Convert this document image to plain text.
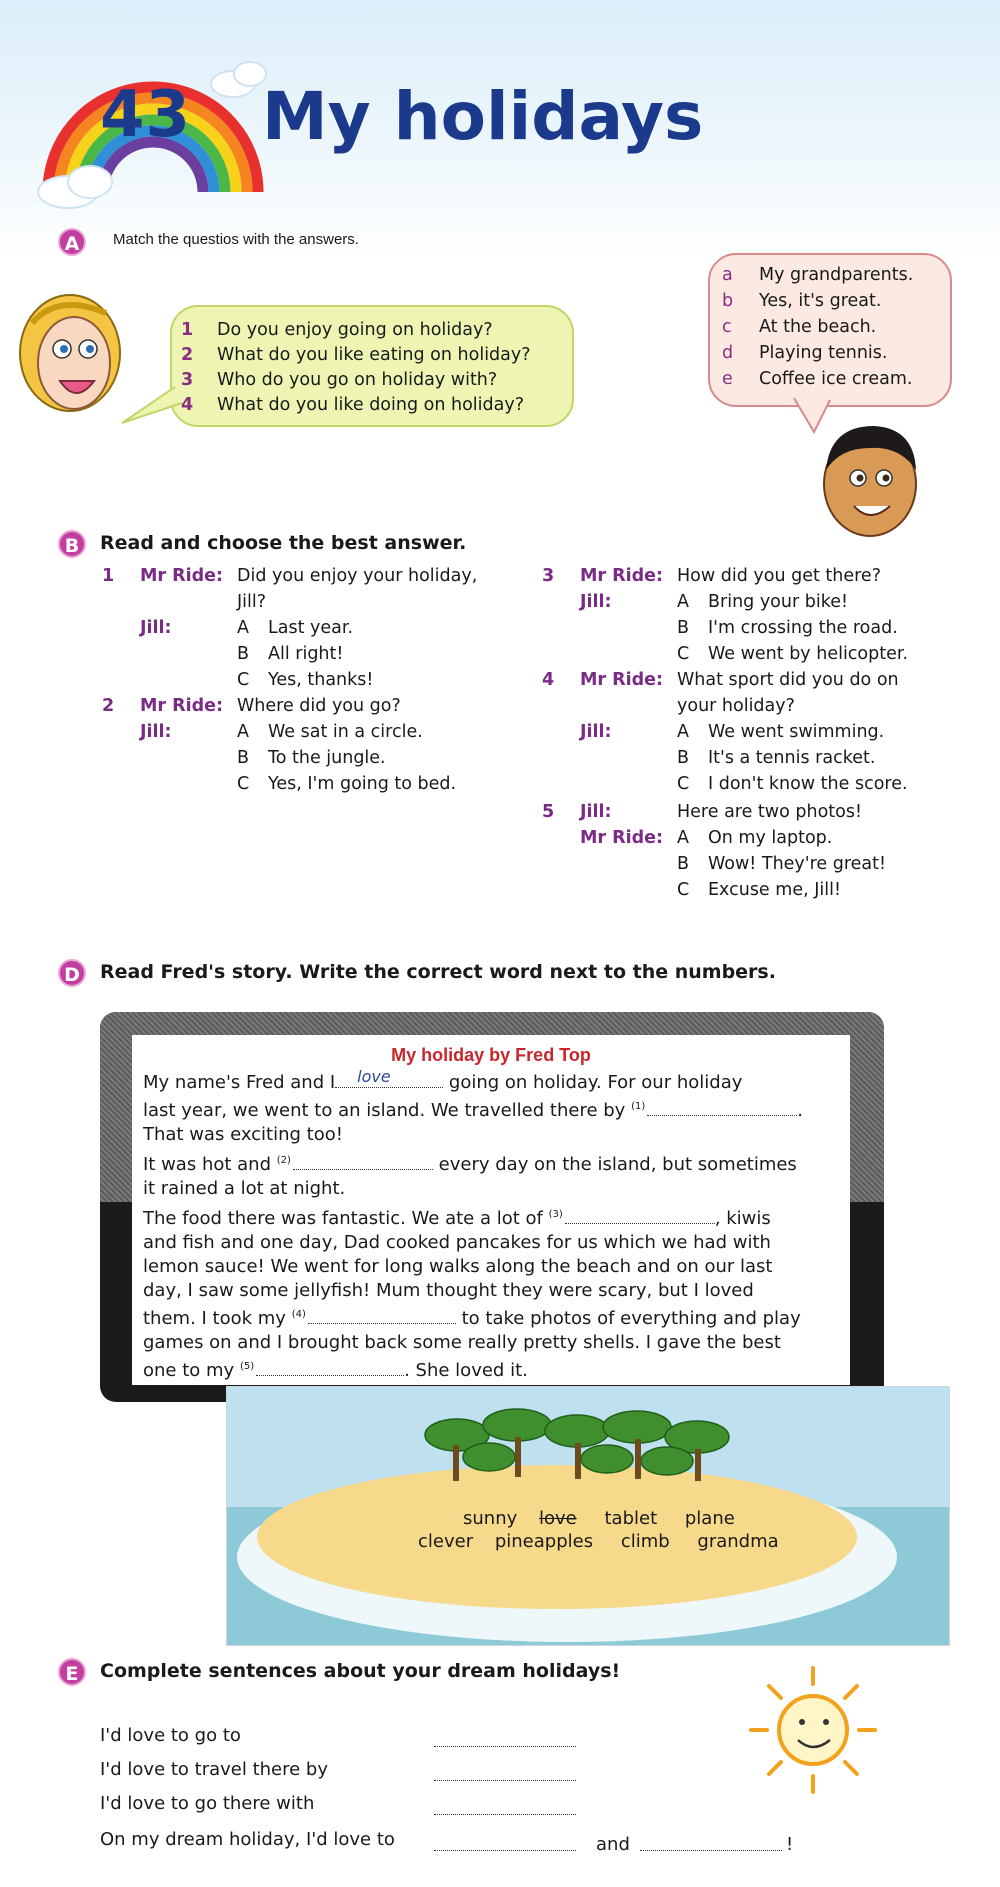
43 My holidays
A	Match the questios with the answers.
1 Do you enjoy going on holiday?
2 What do you like eating on holiday?
3 Who do you go on holiday with?
4 What do you like doing on holiday?
a My grandparents.
b Yes, it's great.
c At the beach.
d Playing tennis.
e Coffee ice cream.
B	Read and choose the best answer.
1 Mr Ride: Did you enjoy your holiday,
Jill?
Jill:	A Last year.
B All right!
C Yes, thanks!
2 Mr Ride: Where did you go?
Jill:	A We sat in a circle.
B To the jungle.
C Yes, I'm going to bed.
3 Mr Ride: How did you get there?
Jill:	A Bring your bike!
B I'm crossing the road.
C We went by helicopter.
4 Mr Ride: What sport did you do on
your holiday?
Jill:	A We went swimming.
B It's a tennis racket.
C I don't know the score.
5 Jill:	Here are two photos!
Mr Ride: A On my laptop.
B Wow! They're great!
C Excuse me, Jill!
D	Read Fred's story. Write the correct word next to the numbers.
My holiday by Fred Top
My name's Fred and I love	going on holiday. For our holiday
last year, we went to an island. We travelled there by $^{(1)}$	.
That was exciting too!
It was hot and $^{(2)}$	every day on the island, but sometimes
it rained a lot at night.
The food there was fantastic. We ate a lot of $^{(3)}$	, kiwis
and fish and one day, Dad cooked pancakes for us which we had with
lemon sauce! We went for long walks along the beach and on our last
day, I saw some jellyfish! Mum thought they were scary, but I loved
them. I took my $^{(4)}$	to take photos of everything and play
games on and I brought back some really pretty shells. I gave the best
one to my $^{(5)}$	. She loved it.
sunny love tablet plane
clever pineapples climb grandma
E	Complete sentences about your dream holidays!
I'd love to go to
I'd love to travel there by
I'd love to go there with
On my dream holiday, I'd love to	and	!
